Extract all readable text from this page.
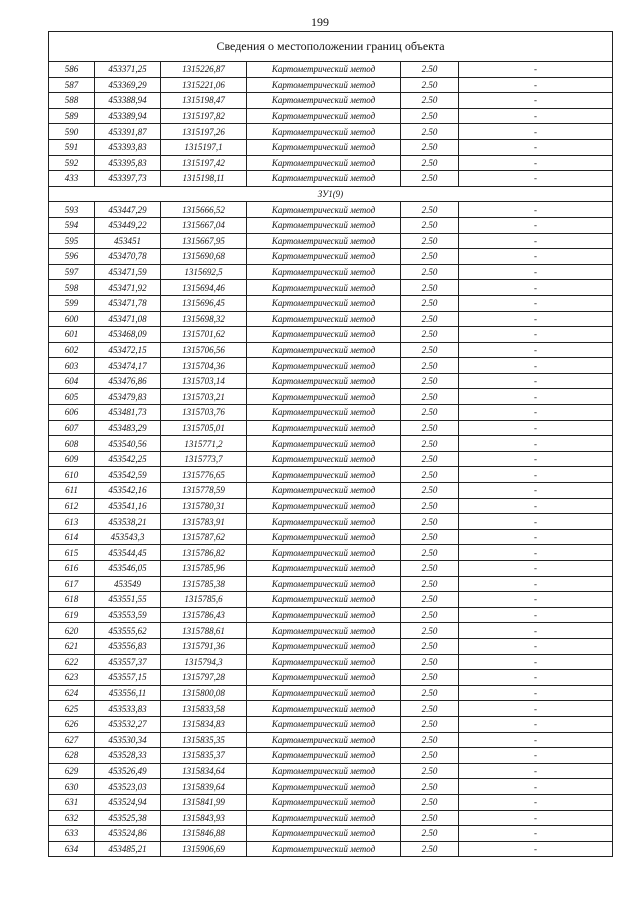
199
Сведения о местоположении границ объекта					
586	453371,25	1315226,87	Картометрический метод	2.50	-
587	453369,29	1315221,06	Картометрический метод	2.50	-
588	453388,94	1315198,47	Картометрический метод	2.50	-
589	453389,94	1315197,82	Картометрический метод	2.50	-
590	453391,87	1315197,26	Картометрический метод	2.50	-
591	453393,83	1315197,1	Картометрический метод	2.50	-
592	453395,83	1315197,42	Картометрический метод	2.50	-
433	453397,73	1315198,11	Картометрический метод	2.50	-
ЗУ1(9)					
593	453447,29	1315666,52	Картометрический метод	2.50	-
594	453449,22	1315667,04	Картометрический метод	2.50	-
595	453451	1315667,95	Картометрический метод	2.50	-
596	453470,78	1315690,68	Картометрический метод	2.50	-
597	453471,59	1315692,5	Картометрический метод	2.50	-
598	453471,92	1315694,46	Картометрический метод	2.50	-
599	453471,78	1315696,45	Картометрический метод	2.50	-
600	453471,08	1315698,32	Картометрический метод	2.50	-
601	453468,09	1315701,62	Картометрический метод	2.50	-
602	453472,15	1315706,56	Картометрический метод	2.50	-
603	453474,17	1315704,36	Картометрический метод	2.50	-
604	453476,86	1315703,14	Картометрический метод	2.50	-
605	453479,83	1315703,21	Картометрический метод	2.50	-
606	453481,73	1315703,76	Картометрический метод	2.50	-
607	453483,29	1315705,01	Картометрический метод	2.50	-
608	453540,56	1315771,2	Картометрический метод	2.50	-
609	453542,25	1315773,7	Картометрический метод	2.50	-
610	453542,59	1315776,65	Картометрический метод	2.50	-
611	453542,16	1315778,59	Картометрический метод	2.50	-
612	453541,16	1315780,31	Картометрический метод	2.50	-
613	453538,21	1315783,91	Картометрический метод	2.50	-
614	453543,3	1315787,62	Картометрический метод	2.50	-
615	453544,45	1315786,82	Картометрический метод	2.50	-
616	453546,05	1315785,96	Картометрический метод	2.50	-
617	453549	1315785,38	Картометрический метод	2.50	-
618	453551,55	1315785,6	Картометрический метод	2.50	-
619	453553,59	1315786,43	Картометрический метод	2.50	-
620	453555,62	1315788,61	Картометрический метод	2.50	-
621	453556,83	1315791,36	Картометрический метод	2.50	-
622	453557,37	1315794,3	Картометрический метод	2.50	-
623	453557,15	1315797,28	Картометрический метод	2.50	-
624	453556,11	1315800,08	Картометрический метод	2.50	-
625	453533,83	1315833,58	Картометрический метод	2.50	-
626	453532,27	1315834,83	Картометрический метод	2.50	-
627	453530,34	1315835,35	Картометрический метод	2.50	-
628	453528,33	1315835,37	Картометрический метод	2.50	-
629	453526,49	1315834,64	Картометрический метод	2.50	-
630	453523,03	1315839,64	Картометрический метод	2.50	-
631	453524,94	1315841,99	Картометрический метод	2.50	-
632	453525,38	1315843,93	Картометрический метод	2.50	-
633	453524,86	1315846,88	Картометрический метод	2.50	-
634	453485,21	1315906,69	Картометрический метод	2.50	-
